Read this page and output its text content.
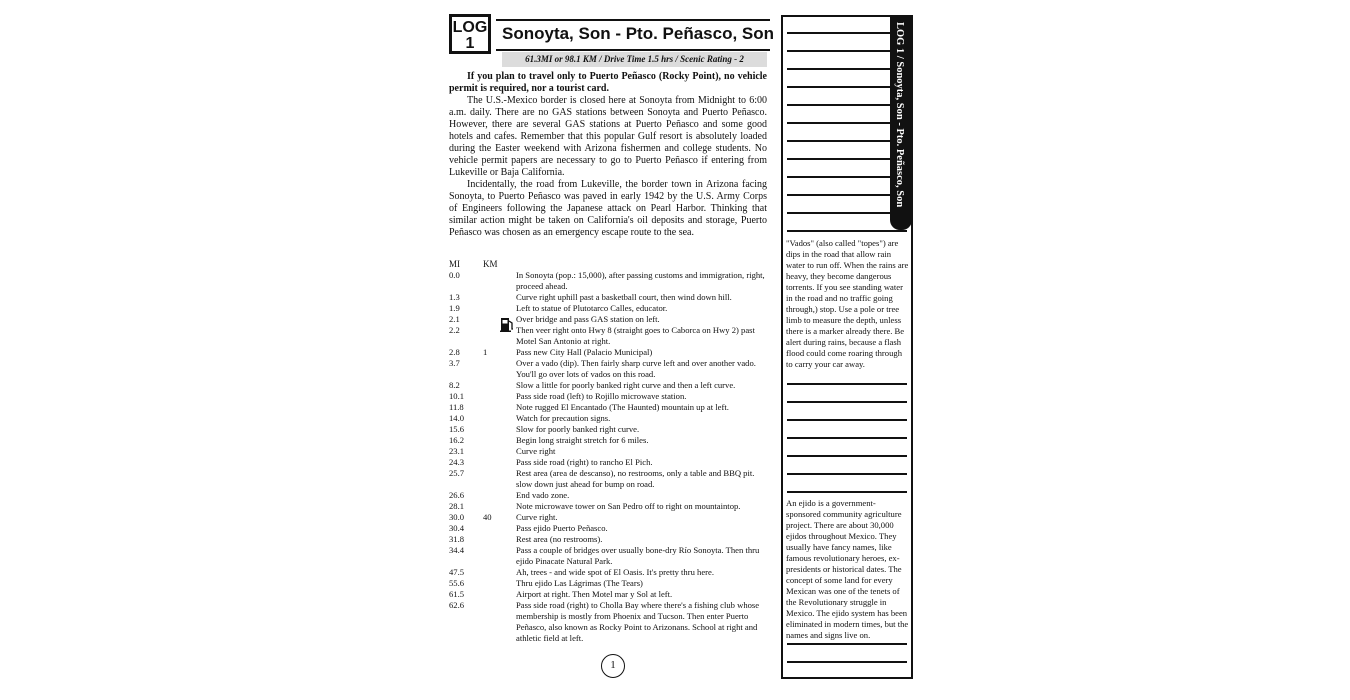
LOG
1
Sonoyta, Son - Pto. Peñasco, Son
61.3MI or 98.1 KM / Drive Time 1.5 hrs / Scenic Rating - 2

If you plan to travel only to Puerto Peñasco (Rocky Point), no vehicle permit is required, nor a tourist card.

The U.S.-Mexico border is closed here at Sonoyta from Midnight to 6:00 a.m. daily. There are no GAS stations between Sonoyta and Puerto Peñasco. However, there are several GAS stations at Puerto Peñasco and some good hotels and cafes. Remember that this popular Gulf resort is absolutely loaded during the Easter weekend with Arizona fishermen and college students. No vehicle permit papers are necessary to go to Puerto Peñasco if entering from Lukeville or Baja California.

Incidentally, the road from Lukeville, the border town in Arizona facing Sonoyta, to Puerto Peñasco was paved in early 1942 by the U.S. Army Corps of Engineers following the Japanese attack on Pearl Harbor. Thinking that similar action might be taken on California's oil deposits and storage, Puerto Peñasco was chosen as an emergency escape route to the sea.

MI	KM
0.0	In Sonoyta (pop.: 15,000), after passing customs and immigration, right, proceed ahead.
1.3	Curve right uphill past a basketball court, then wind down hill.
1.9	Left to statue of Plutotarco Calles, educator.
2.1	Over bridge and pass GAS station on left.
2.2	Then veer right onto Hwy 8 (straight goes to Caborca on Hwy 2) past Motel San Antonio at right.
2.8	1	Pass new City Hall (Palacio Municipal)
3.7	Over a vado (dip). Then fairly sharp curve left and over another vado. You'll go over lots of vados on this road.
8.2	Slow a little for poorly banked right curve and then a left curve.
10.1	Pass side road (left) to Rojillo microwave station.
11.8	Note rugged El Encantado (The Haunted) mountain up at left.
14.0	Watch for precaution signs.
15.6	Slow for poorly banked right curve.
16.2	Begin long straight stretch for 6 miles.
23.1	Curve right
24.3	Pass side road (right) to rancho El Pich.
25.7	Rest area (area de descanso), no restrooms, only a table and BBQ pit. slow down just ahead for bump on road.
26.6	End vado zone.
28.1	Note microwave tower on San Pedro off to right on mountaintop.
30.0	40	Curve right.
30.4	Pass ejido Puerto Peñasco.
31.8	Rest area (no restrooms).
34.4	Pass a couple of bridges over usually bone-dry Río Sonoyta. Then thru ejido Pinacate Natural Park.
47.5	Ah, trees - and wide spot of El Oasis. It's pretty thru here.
55.6	Thru ejido Las Lágrimas (The Tears)
61.5	Airport at right. Then Motel mar y Sol at left.
62.6	Pass side road (right) to Cholla Bay where there's a fishing club whose membership is mostly from Phoenix and Tucson. Then enter Puerto Peñasco, also known as Rocky Point to Arizonans. School at right and athletic field at left.
1
LOG 1 / Sonoyta, Son - Pto. Peñasco, Son
"Vados" (also called "topes") are dips in the road that allow rain water to run off. When the rains are heavy, they become dangerous torrents. If you see standing water in the road and no traffic going through,) stop. Use a pole or tree limb to measure the depth, unless there is a marker already there. Be alert during rains, because a flash flood could come roaring through to carry your car away.
An ejido is a government-sponsored community agriculture project. There are about 30,000 ejidos throughout Mexico. They usually have fancy names, like famous revolutionary heroes, ex-presidents or historical dates. The concept of some land for every Mexican was one of the tenets of the Revolutionary struggle in Mexico. The ejido system has been eliminated in modern times, but the names and signs live on.
